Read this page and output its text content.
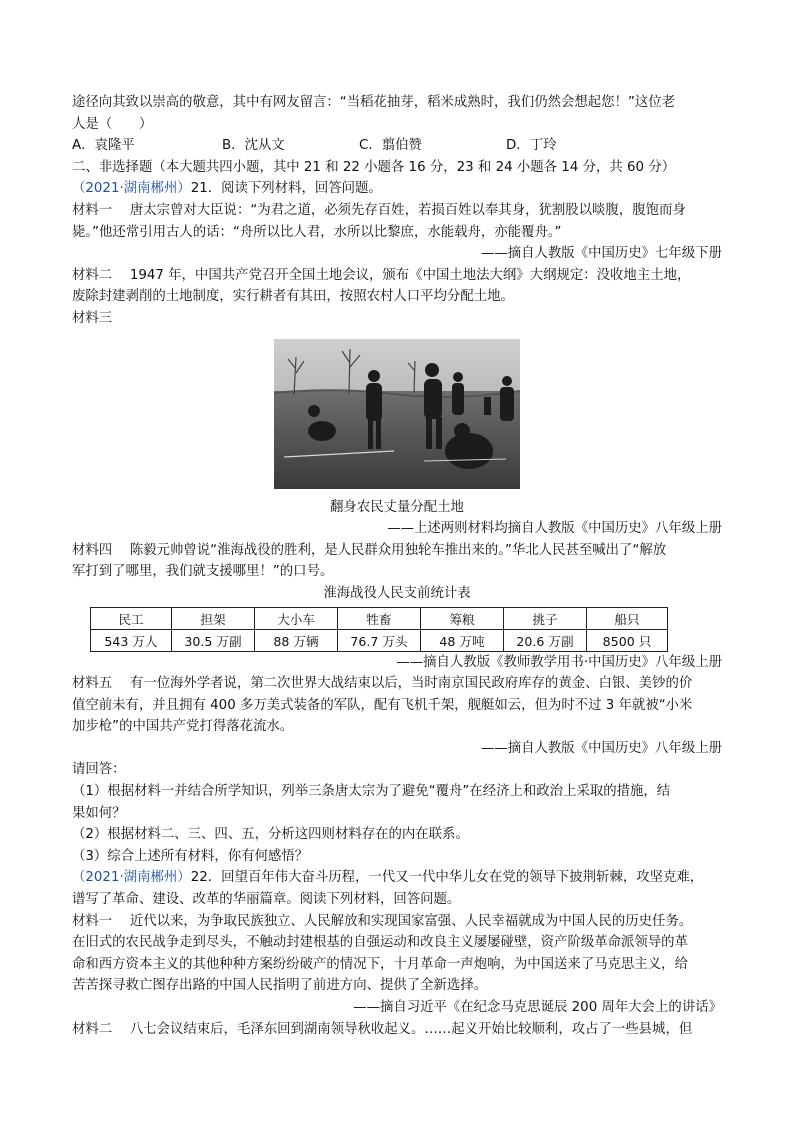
途径向其致以崇高的敬意，其中有网友留言：“当稻花抽芽，稻米成熟时，我们仍然会想起您！”这位老
人是（　　）
A．袁隆平	B．沈从文	C．翦伯赞	D．丁玲
二、非选择题（本大题共四小题，其中 21 和 22 小题各 16 分，23 和 24 小题各 14 分，共 60 分）
（2021·湖南郴州）21．阅读下列材料，回答问题。
材料一　 唐太宗曾对大臣说：“为君之道，必须先存百姓，若损百姓以奉其身，犹割股以啖腹，腹饱而身
毙。”他还常引用古人的话：“舟所以比人君，水所以比黎庶，水能载舟，亦能覆舟。”
——摘自人教版《中国历史》七年级下册
材料二　 1947 年，中国共产党召开全国土地会议，颁布《中国土地法大纲》大纲规定：没收地主土地，
废除封建剥削的土地制度，实行耕者有其田，按照农村人口平均分配土地。
材料三
翻身农民丈量分配土地
——上述两则材料均摘自人教版《中国历史》八年级上册
材料四　 陈毅元帅曾说“淮海战役的胜利，是人民群众用独轮车推出来的。”华北人民甚至喊出了“解放
军打到了哪里，我们就支援哪里！”的口号。
淮海战役人民支前统计表
民工	担架	大小车	牲畜	筹粮	挑子	船只
543 万人	30.5 万副	88 万辆	76.7 万头	48 万吨	20.6 万副	8500 只
——摘自人教版《教师教学用书·中国历史》八年级上册
材料五　 有一位海外学者说，第二次世界大战结束以后，当时南京国民政府库存的黄金、白银、美钞的价
值空前未有，并且拥有 400 多万美式装备的军队，配有飞机千架，舰艇如云，但为时不过 3 年就被“小米
加步枪”的中国共产党打得落花流水。
——摘自人教版《中国历史》八年级上册
请回答：
（1）根据材料一并结合所学知识，列举三条唐太宗为了避免“覆舟”在经济上和政治上采取的措施，结
果如何？
（2）根据材料二、三、四、五，分析这四则材料存在的内在联系。
（3）综合上述所有材料，你有何感悟？
（2021·湖南郴州）22．回望百年伟大奋斗历程，一代又一代中华儿女在党的领导下披荆斩棘，攻坚克难，
谱写了革命、建设、改革的华丽篇章。阅读下列材料，回答问题。
材料一　 近代以来，为争取民族独立、人民解放和实现国家富强、人民幸福就成为中国人民的历史任务。
在旧式的农民战争走到尽头，不触动封建根基的自强运动和改良主义屡屡碰壁，资产阶级革命派领导的革
命和西方资本主义的其他种种方案纷纷破产的情况下，十月革命一声炮响，为中国送来了马克思主义，给
苦苦探寻救亡图存出路的中国人民指明了前进方向、提供了全新选择。
——摘自习近平《在纪念马克思诞辰 200 周年大会上的讲话》
材料二　 八七会议结束后，毛泽东回到湖南领导秋收起义。……起义开始比较顺利，攻占了一些县城，但
